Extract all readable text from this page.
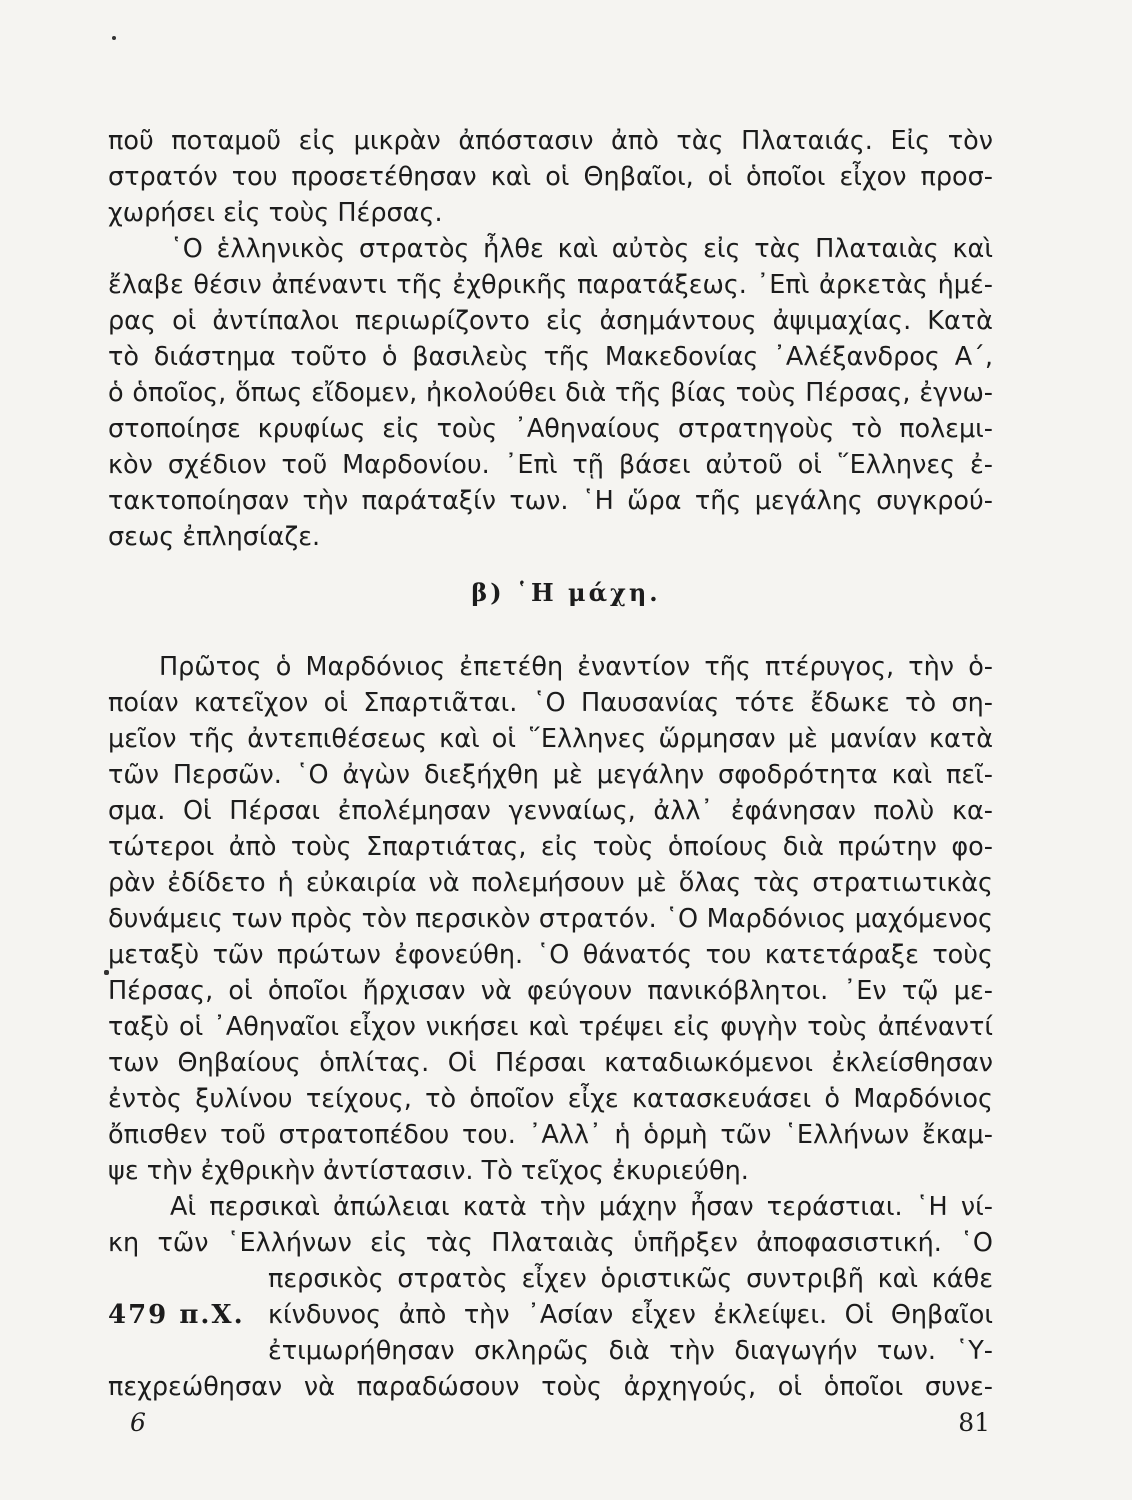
ποῦ ποταμοῦ εἰς μικρὰν ἀπόστασιν ἀπὸ τὰς Πλαταιάς. Εἰς τὸν
στρατόν του προσετέθησαν καὶ οἱ Θηβαῖοι, οἱ ὁποῖοι εἶχον προσ-
χωρήσει εἰς τοὺς Πέρσας.
῾Ο ἑλληνικὸς στρατὸς ἦλθε καὶ αὐτὸς εἰς τὰς Πλαταιὰς καὶ
ἔλαβε θέσιν ἀπέναντι τῆς ἐχθρικῆς παρατάξεως. ᾿Επὶ ἀρκετὰς ἡμέ-
ρας οἱ ἀντίπαλοι περιωρίζοντο εἰς ἀσημάντους ἀψιμαχίας. Κατὰ
τὸ διάστημα τοῦτο ὁ βασιλεὺς τῆς Μακεδονίας ᾿Αλέξανδρος Α΄,
ὁ ὁποῖος, ὅπως εἴδομεν, ἠκολούθει διὰ τῆς βίας τοὺς Πέρσας, ἐγνω-
στοποίησε κρυφίως εἰς τοὺς ᾿Αθηναίους στρατηγοὺς τὸ πολεμι-
κὸν σχέδιον τοῦ Μαρδονίου. ᾿Επὶ τῇ βάσει αὐτοῦ οἱ ῞Ελληνες ἐ-
τακτοποίησαν τὴν παράταξίν των. ῾Η ὥρα τῆς μεγάλης συγκρού-
σεως ἐπλησίαζε.
β) ῾Η μάχη.
Πρῶτος ὁ Μαρδόνιος ἐπετέθη ἐναντίον τῆς πτέρυγος, τὴν ὁ-
ποίαν κατεῖχον οἱ Σπαρτιᾶται. ῾Ο Παυσανίας τότε ἔδωκε τὸ ση-
μεῖον τῆς ἀντεπιθέσεως καὶ οἱ ῞Ελληνες ὥρμησαν μὲ μανίαν κατὰ
τῶν Περσῶν. ῾Ο ἀγὼν διεξήχθη μὲ μεγάλην σφοδρότητα καὶ πεῖ-
σμα. Οἱ Πέρσαι ἐπολέμησαν γενναίως, ἀλλ᾿ ἐφάνησαν πολὺ κα-
τώτεροι ἀπὸ τοὺς Σπαρτιάτας, εἰς τοὺς ὁποίους διὰ πρώτην φο-
ρὰν ἐδίδετο ἡ εὐκαιρία νὰ πολεμήσουν μὲ ὅλας τὰς στρατιωτικὰς
δυνάμεις των πρὸς τὸν περσικὸν στρατόν. ῾Ο Μαρδόνιος μαχόμενος
μεταξὺ τῶν πρώτων ἐφονεύθη. ῾Ο θάνατός του κατετάραξε τοὺς
Πέρσας, οἱ ὁποῖοι ἤρχισαν νὰ φεύγουν πανικόβλητοι. ᾿Εν τῷ με-
ταξὺ οἱ ᾿Αθηναῖοι εἶχον νικήσει καὶ τρέψει εἰς φυγὴν τοὺς ἀπέναντί
των Θηβαίους ὁπλίτας. Οἱ Πέρσαι καταδιωκόμενοι ἐκλείσθησαν
ἐντὸς ξυλίνου τείχους, τὸ ὁποῖον εἶχε κατασκευάσει ὁ Μαρδόνιος
ὄπισθεν τοῦ στρατοπέδου του. ᾿Αλλ᾿ ἡ ὁρμὴ τῶν ῾Ελλήνων ἔκαμ-
ψε τὴν ἐχθρικὴν ἀντίστασιν. Τὸ τεῖχος ἐκυριεύθη.
Αἱ περσικαὶ ἀπώλειαι κατὰ τὴν μάχην ἦσαν τεράστιαι. ῾Η νί-
κη τῶν ῾Ελλήνων εἰς τὰς Πλαταιὰς ὑπῆρξεν ἀποφασιστική. ῾Ο
περσικὸς στρατὸς εἶχεν ὁριστικῶς συντριβῆ καὶ κάθε
κίνδυνος ἀπὸ τὴν ᾿Ασίαν εἶχεν ἐκλείψει. Οἱ Θηβαῖοι
ἐτιμωρήθησαν σκληρῶς διὰ τὴν διαγωγήν των. ῾Υ-
πεχρεώθησαν νὰ παραδώσουν τοὺς ἀρχηγούς, οἱ ὁποῖοι συνε-
479 π.Χ.
6	81
